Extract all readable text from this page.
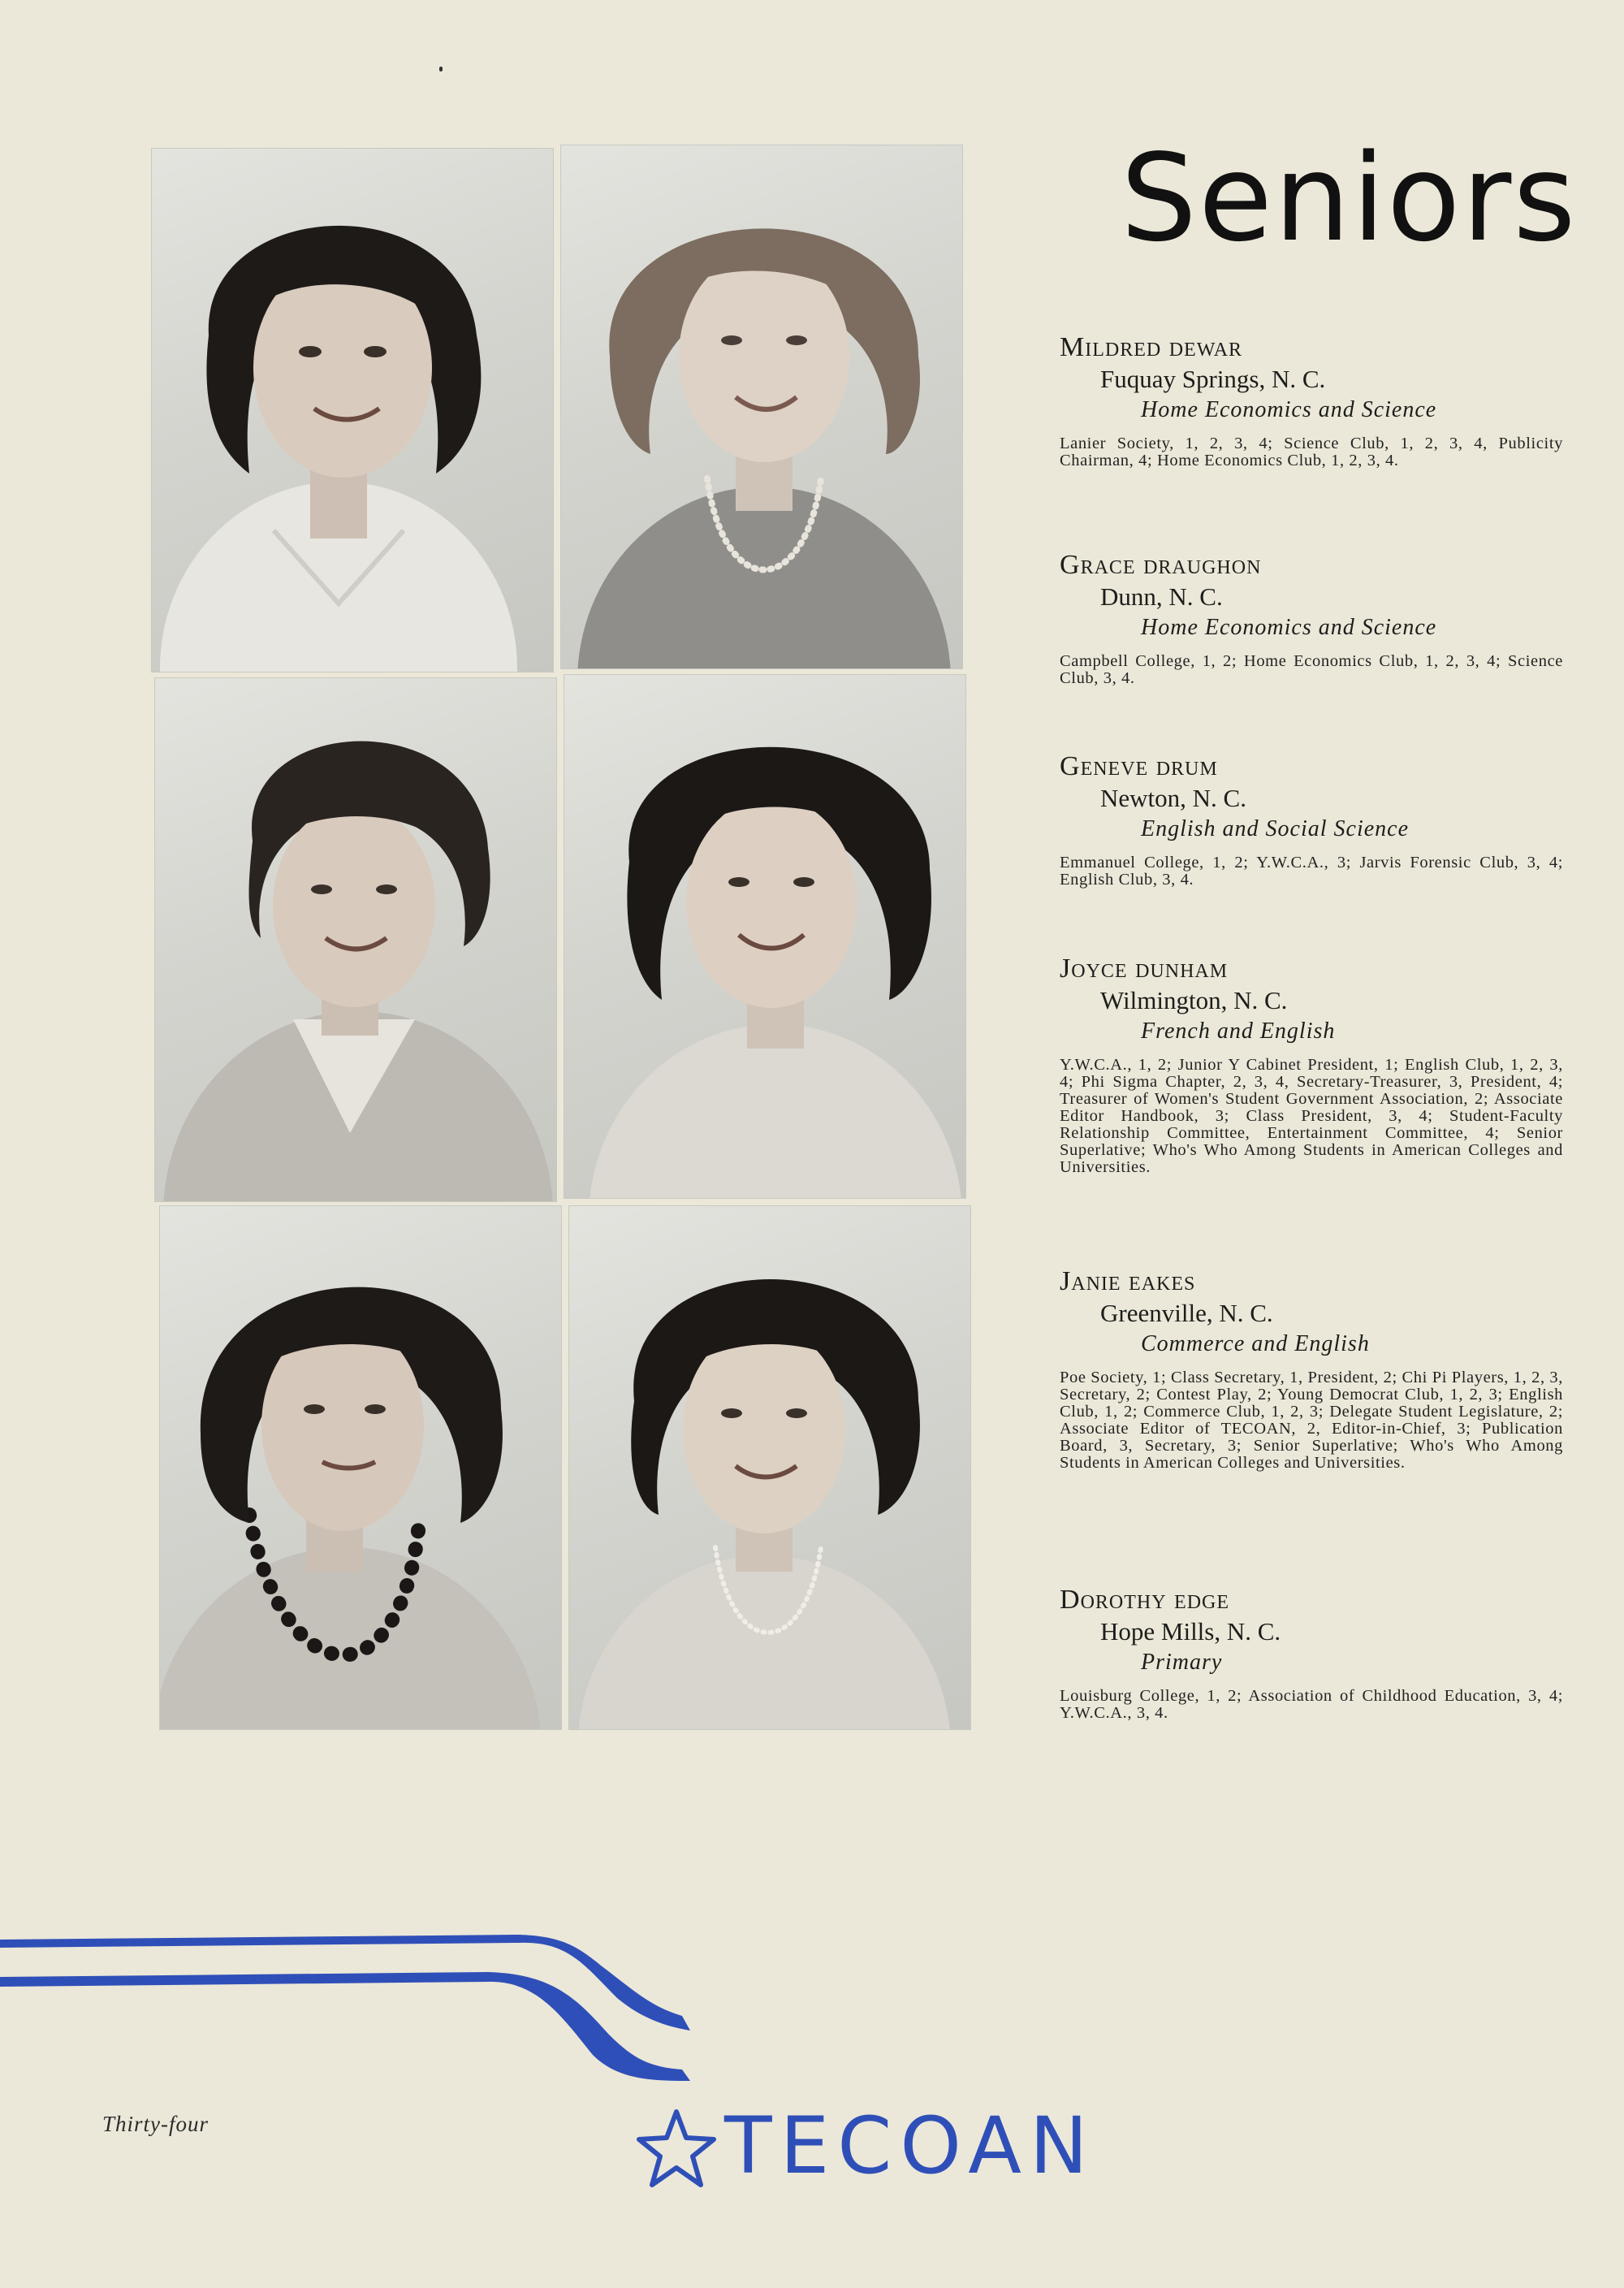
Seniors
Mildred dewar
Fuquay Springs, N. C.
Home Economics and Science
Lanier Society, 1, 2, 3, 4; Science Club, 1, 2, 3, 4, Publicity Chairman, 4; Home Economics Club, 1, 2, 3, 4.
Grace draughon
Dunn, N. C.
Home Economics and Science
Campbell College, 1, 2; Home Economics Club, 1, 2, 3, 4; Science Club, 3, 4.
Geneve drum
Newton, N. C.
English and Social Science
Emmanuel College, 1, 2; Y.W.C.A., 3; Jarvis Forensic Club, 3, 4; English Club, 3, 4.
Joyce dunham
Wilmington, N. C.
French and English
Y.W.C.A., 1, 2; Junior Y Cabinet President, 1; English Club, 1, 2, 3, 4; Phi Sigma Chapter, 2, 3, 4, Secretary-Treasurer, 3, President, 4; Treasurer of Women's Student Government Association, 2; Associate Editor Handbook, 3; Class President, 3, 4; Student-Faculty Relationship Committee, Entertainment Committee, 4; Senior Superlative; Who's Who Among Students in American Colleges and Universities.
Janie eakes
Greenville, N. C.
Commerce and English
Poe Society, 1; Class Secretary, 1, President, 2; Chi Pi Players, 1, 2, 3, Secretary, 2; Contest Play, 2; Young Democrat Club, 1, 2, 3; English Club, 1, 2; Commerce Club, 1, 2, 3; Delegate Student Legislature, 2; Associate Editor of TECOAN, 2, Editor-in-Chief, 3; Publication Board, 3, Secretary, 3; Senior Superlative; Who's Who Among Students in American Colleges and Universities.
Dorothy edge
Hope Mills, N. C.
Primary
Louisburg College, 1, 2; Association of Childhood Education, 3, 4; Y.W.C.A., 3, 4.
Thirty-four	TECOAN
